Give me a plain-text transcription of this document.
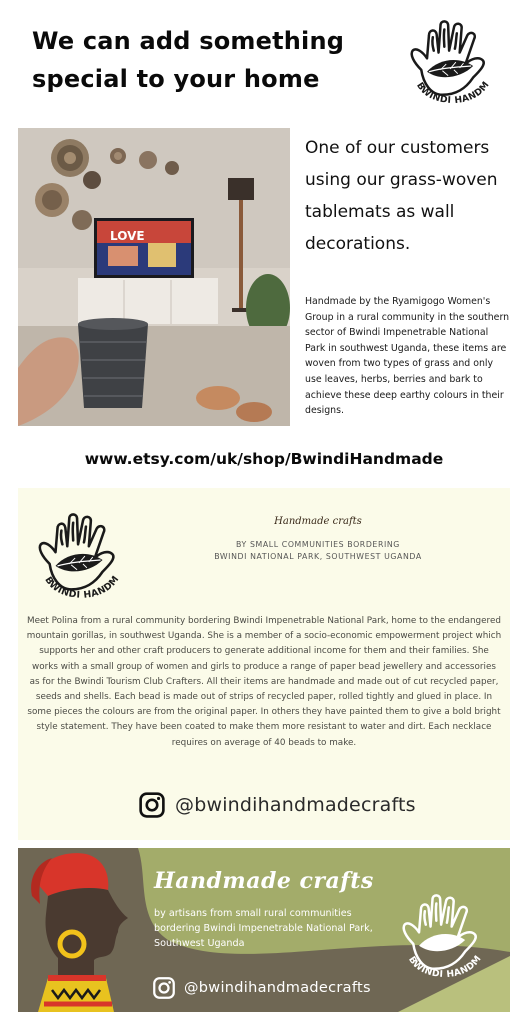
We can add something special to your home
LOVE
One of our customers using our grass-woven tablemats as wall decorations.
Handmade by the Ryamigogo Women's Group in a rural community in the southern sector of Bwindi Impenetrable National Park in southwest Uganda, these items are woven from two types of grass and only use leaves, herbs, berries and bark to achieve these deep earthy colours in their designs.
www.etsy.com/uk/shop/BwindiHandmade
Handmade crafts
BY SMALL COMMUNITIES BORDERING
BWINDI NATIONAL PARK, SOUTHWEST UGANDA
Meet Polina from a rural community bordering Bwindi Impenetrable National Park, home to the endangered mountain gorillas, in southwest Uganda. She is a member of a socio-economic empowerment project which supports her and other craft producers to generate additional income for them and their families. She works with a small group of women and girls to produce a range of paper bead jewellery and accessories as for the Bwindi Tourism Club Crafters. All their items are handmade and made out of cut recycled paper, seeds and shells. Each bead is made out of strips of recycled paper, rolled tightly and glued in place. In some pieces the colours are from the original paper. In others they have painted them to give a bold bright style statement. They have been coated to make them more resistant to water and dirt. Each necklace requires on average of 40 beads to make.
@bwindihandmadecrafts
Handmade crafts
by artisans from small rural communities bordering Bwindi Impenetrable National Park, Southwest Uganda
@bwindihandmadecrafts
